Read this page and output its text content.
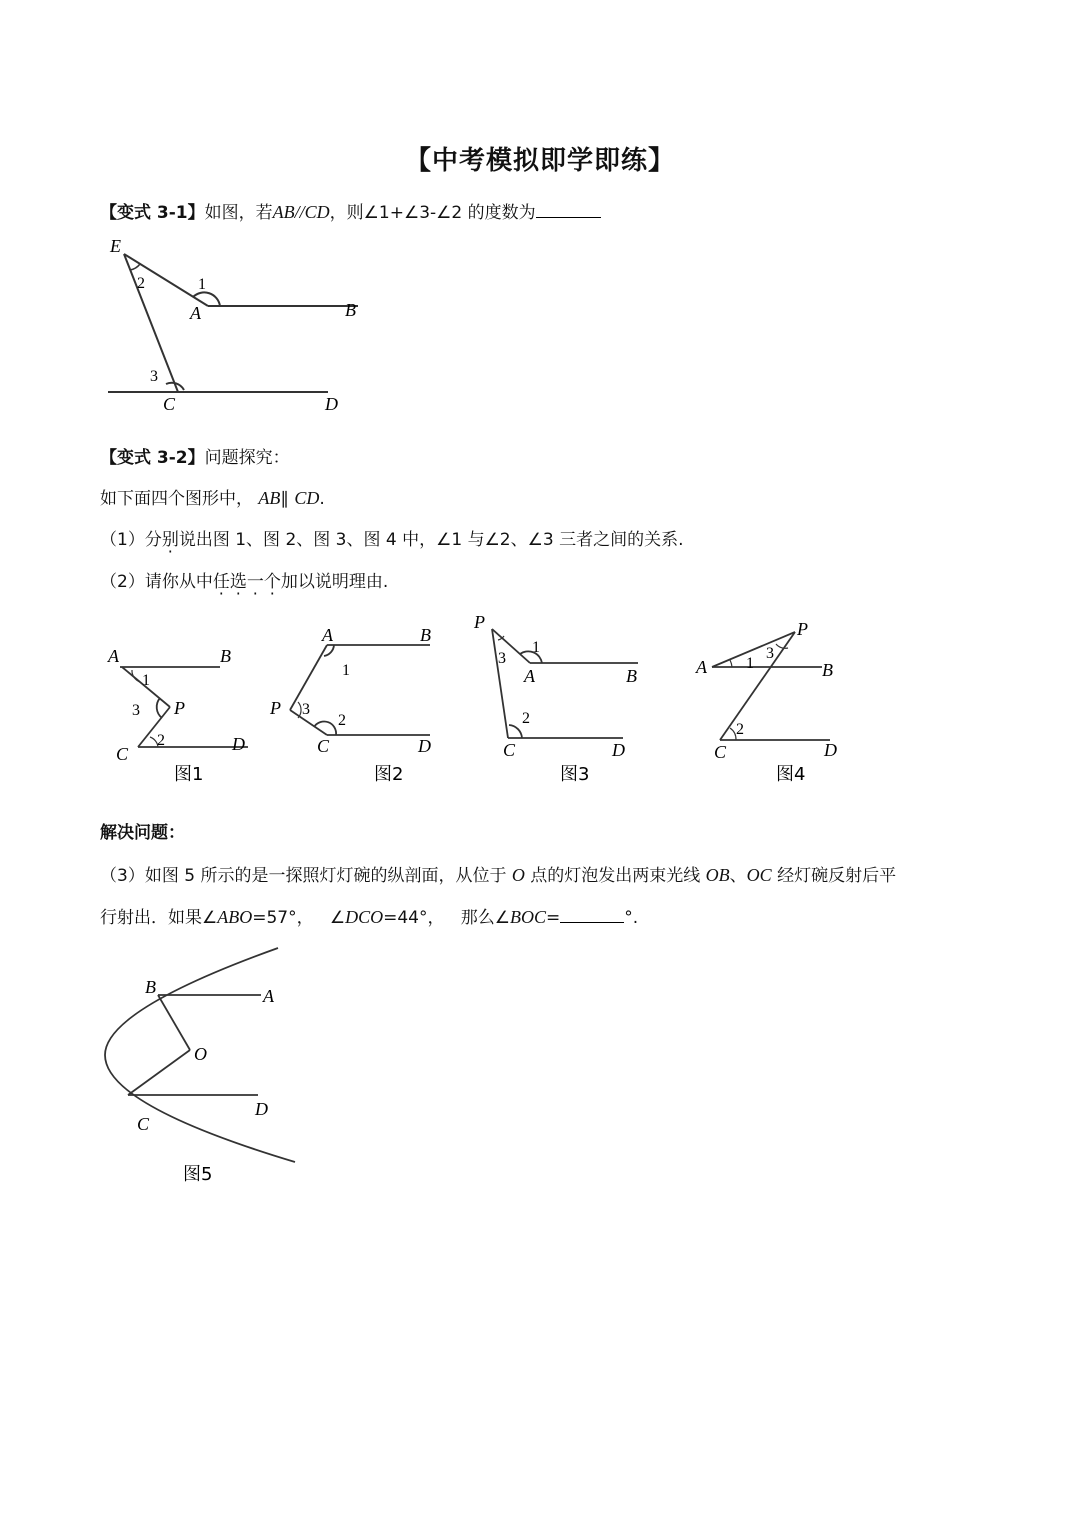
【中考模拟即学即练】
【变式 3-1】如图，若AB//CD，则∠1+∠3-∠2 的度数为
E
2	1
A	B
3
C	D
【变式 3-2】问题探究：
如下面四个图形中， AB∥ CD.
（1）分别说出图 1、图 2、图 3、图 4 中，∠1 与∠2、∠3 三者之间的关系.
（2）请你从中任选一个加以说明理由.
A	B
1
3 P
2
C	D
图1
A	B
1
P 3
2
C	D
图2
P
1
3
A	B
2
C	D
图3
A 1
3
P
B
2
C	D
图4
解决问题：
（3）如图 5 所示的是一探照灯灯碗的纵剖面，从位于 O 点的灯泡发出两束光线 OB、OC 经灯碗反射后平
行射出．如果∠ABO=57°， ∠DCO=44°， 那么∠BOC=	°.
B	A
O
D
C
图5
